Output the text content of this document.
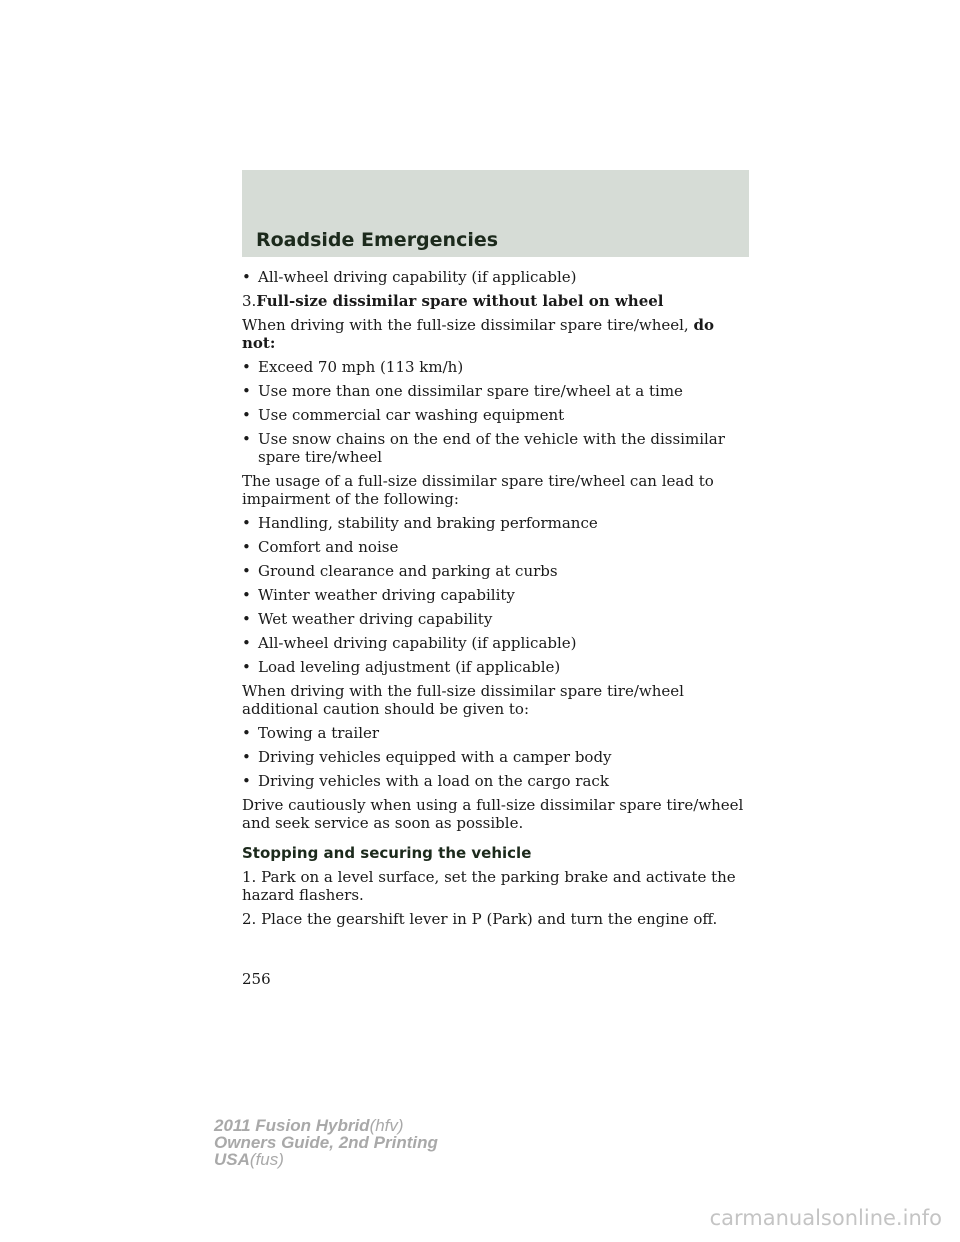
Roadside Emergencies
• All-wheel driving capability (if applicable)
3.Full-size dissimilar spare without label on wheel
When driving with the full-size dissimilar spare tire/wheel, do not:
• Exceed 70 mph (113 km/h)
• Use more than one dissimilar spare tire/wheel at a time
• Use commercial car washing equipment
• Use snow chains on the end of the vehicle with the dissimilar spare tire/wheel
The usage of a full-size dissimilar spare tire/wheel can lead to impairment of the following:
• Handling, stability and braking performance
• Comfort and noise
• Ground clearance and parking at curbs
• Winter weather driving capability
• Wet weather driving capability
• All-wheel driving capability (if applicable)
• Load leveling adjustment (if applicable)
When driving with the full-size dissimilar spare tire/wheel additional caution should be given to:
• Towing a trailer
• Driving vehicles equipped with a camper body
• Driving vehicles with a load on the cargo rack
Drive cautiously when using a full-size dissimilar spare tire/wheel and seek service as soon as possible.
Stopping and securing the vehicle
1. Park on a level surface, set the parking brake and activate the hazard flashers.
2. Place the gearshift lever in P (Park) and turn the engine off.
256
2011 Fusion Hybrid(hfv)
Owners Guide, 2nd Printing
USA(fus)
carmanualsonline.info
